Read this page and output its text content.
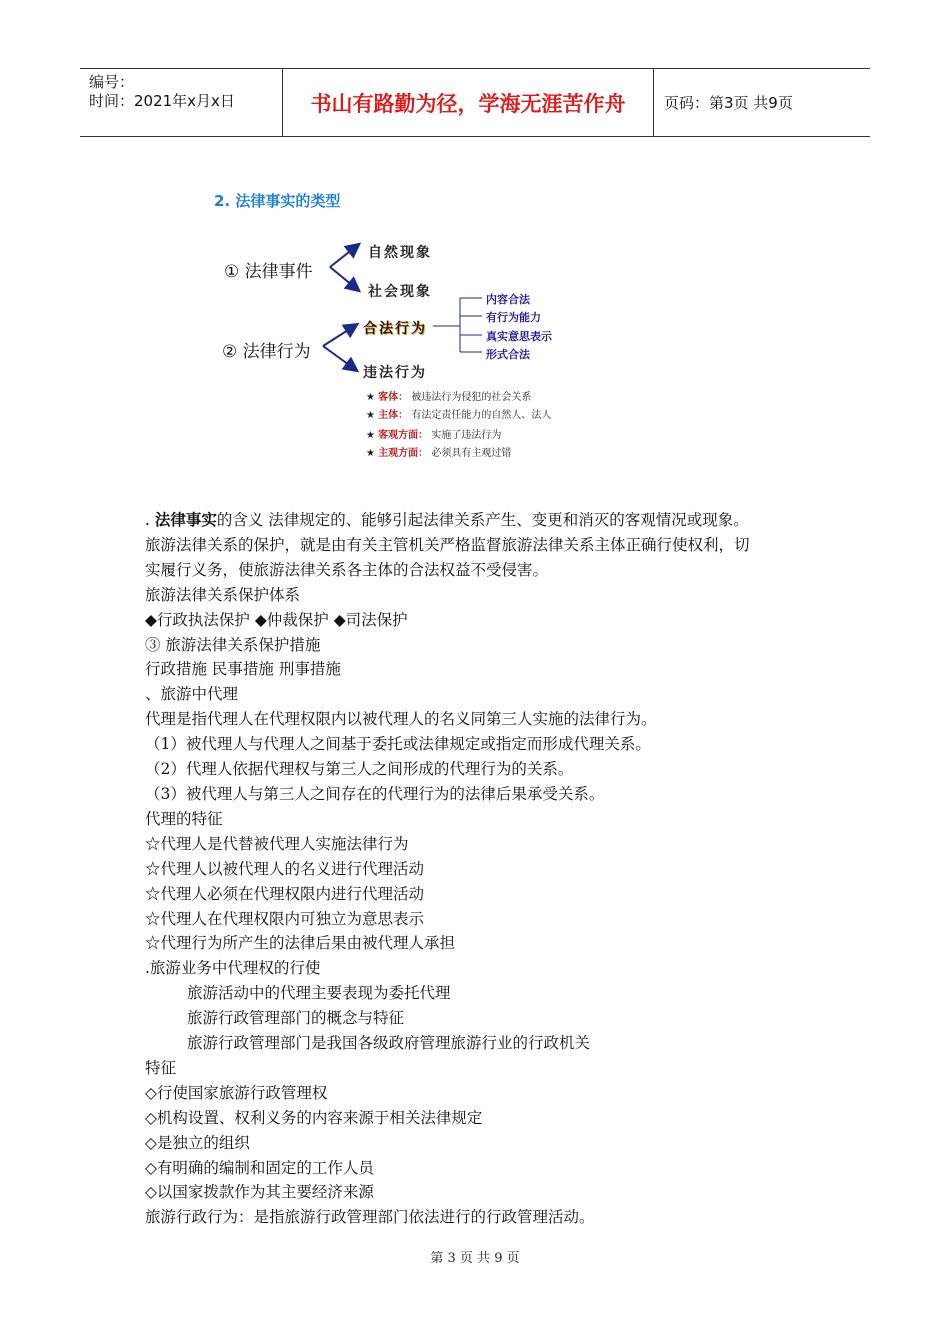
编号：
时间：2021年x月x日	书山有路勤为径，学海无涯苦作舟	页码：第3页 共9页
2. 法律事实的类型
① 法律事件
自然现象
社会现象
② 法律行为
合法行为
违法行为
内容合法
有行为能力
真实意思表示
形式合法
★ 客体： 被违法行为侵犯的社会关系
★ 主体： 有法定责任能力的自然人、法人
★ 客观方面： 实施了违法行为
★ 主观方面： 必须具有主观过错

. 法律事实的含义 法律规定的、能够引起法律关系产生、变更和消灭的客观情况或现象。

旅游法律关系的保护，就是由有关主管机关严格监督旅游法律关系主体正确行使权利，切

实履行义务，使旅游法律关系各主体的合法权益不受侵害。

旅游法律关系保护体系

◆行政执法保护 ◆仲裁保护 ◆司法保护

③ 旅游法律关系保护措施

行政措施 民事措施 刑事措施

、旅游中代理

代理是指代理人在代理权限内以被代理人的名义同第三人实施的法律行为。

（1）被代理人与代理人之间基于委托或法律规定或指定而形成代理关系。

（2）代理人依据代理权与第三人之间形成的代理行为的关系。

（3）被代理人与第三人之间存在的代理行为的法律后果承受关系。

代理的特征

☆代理人是代替被代理人实施法律行为

☆代理人以被代理人的名义进行代理活动

☆代理人必须在代理权限内进行代理活动

☆代理人在代理权限内可独立为意思表示

☆代理行为所产生的法律后果由被代理人承担

.旅游业务中代理权的行使

旅游活动中的代理主要表现为委托代理

旅游行政管理部门的概念与特征

旅游行政管理部门是我国各级政府管理旅游行业的行政机关

特征

◇行使国家旅游行政管理权

◇机构设置、权利义务的内容来源于相关法律规定

◇是独立的组织

◇有明确的编制和固定的工作人员

◇以国家拨款作为其主要经济来源

旅游行政行为：是指旅游行政管理部门依法进行的行政管理活动。

第 3 页 共 9 页
